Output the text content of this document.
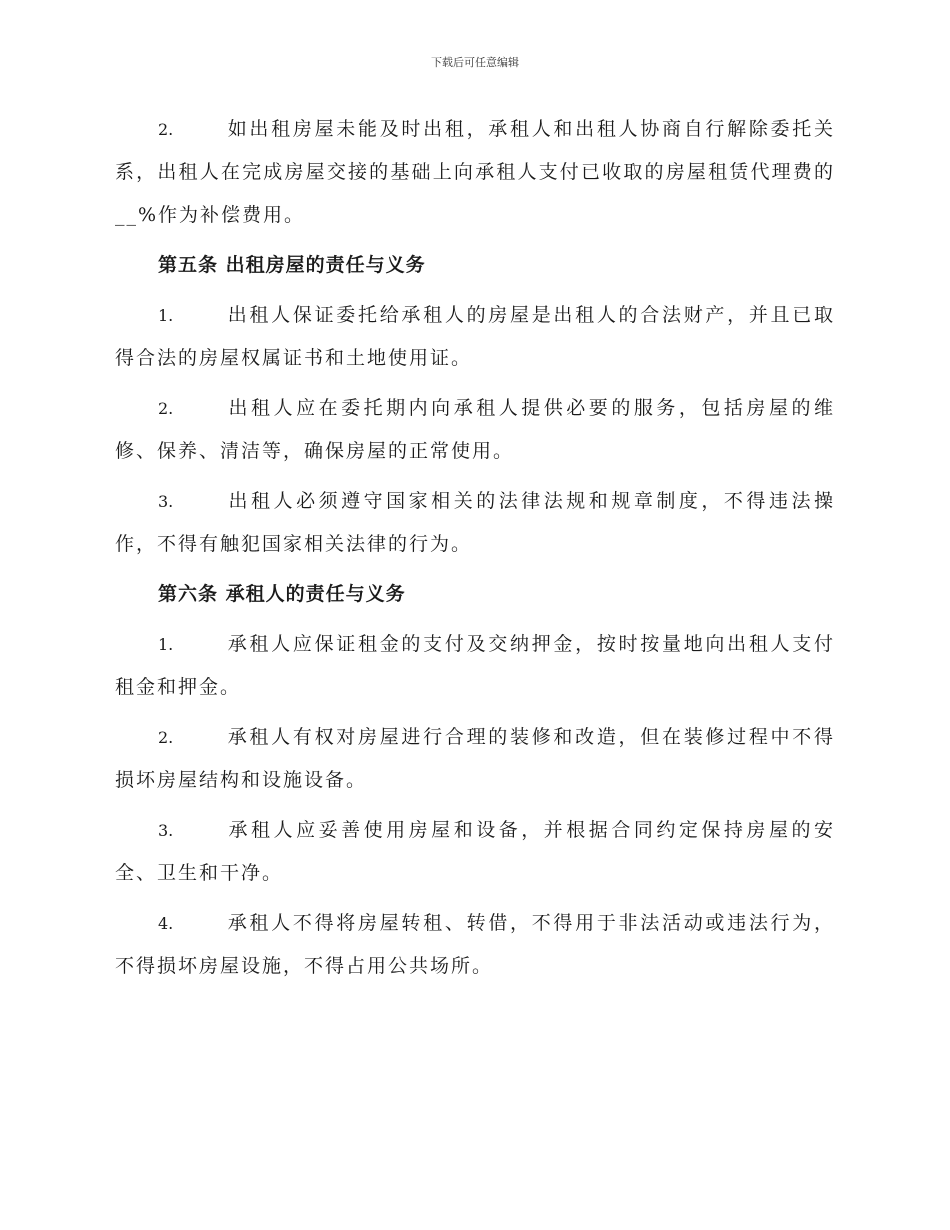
下载后可任意编辑

2.	如出租房屋未能及时出租，承租人和出租人协商自行解除委托关系，出租人在完成房屋交接的基础上向承租人支付已收取的房屋租赁代理费的__%作为补偿费用。

第五条 出租房屋的责任与义务

1.	出租人保证委托给承租人的房屋是出租人的合法财产，并且已取得合法的房屋权属证书和土地使用证。

2.	出租人应在委托期内向承租人提供必要的服务，包括房屋的维修、保养、清洁等，确保房屋的正常使用。

3.	出租人必须遵守国家相关的法律法规和规章制度，不得违法操作，不得有触犯国家相关法律的行为。

第六条 承租人的责任与义务

1.	承租人应保证租金的支付及交纳押金，按时按量地向出租人支付租金和押金。

2.	承租人有权对房屋进行合理的装修和改造，但在装修过程中不得损坏房屋结构和设施设备。

3.	承租人应妥善使用房屋和设备，并根据合同约定保持房屋的安全、卫生和干净。

4.	承租人不得将房屋转租、转借，不得用于非法活动或违法行为，不得损坏房屋设施，不得占用公共场所。
